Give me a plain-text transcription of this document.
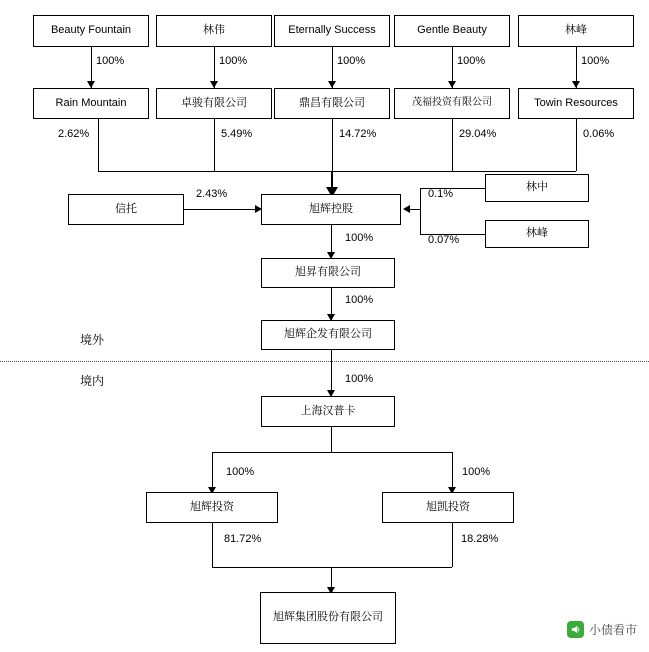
Beauty Fountain	林伟	Eternally Success	Gentle Beauty	林峰
100%	100%	100%	100%	100%
Rain Mountain	卓骏有限公司	鼎昌有限公司	茂福投资有限公司	Towin Resources
2.62%	5.49%	14.72%	29.04%	0.06%
信托
2.43%
旭辉控股
林中
林峰
0.1%
0.07%
100%
旭昇有限公司
100%
旭辉企发有限公司
境外
境内	100%
上海汉普卡
100%	100%
旭辉投资	旭凯投资
81.72%	18.28%
旭辉集团股份有限公司
小债看市
